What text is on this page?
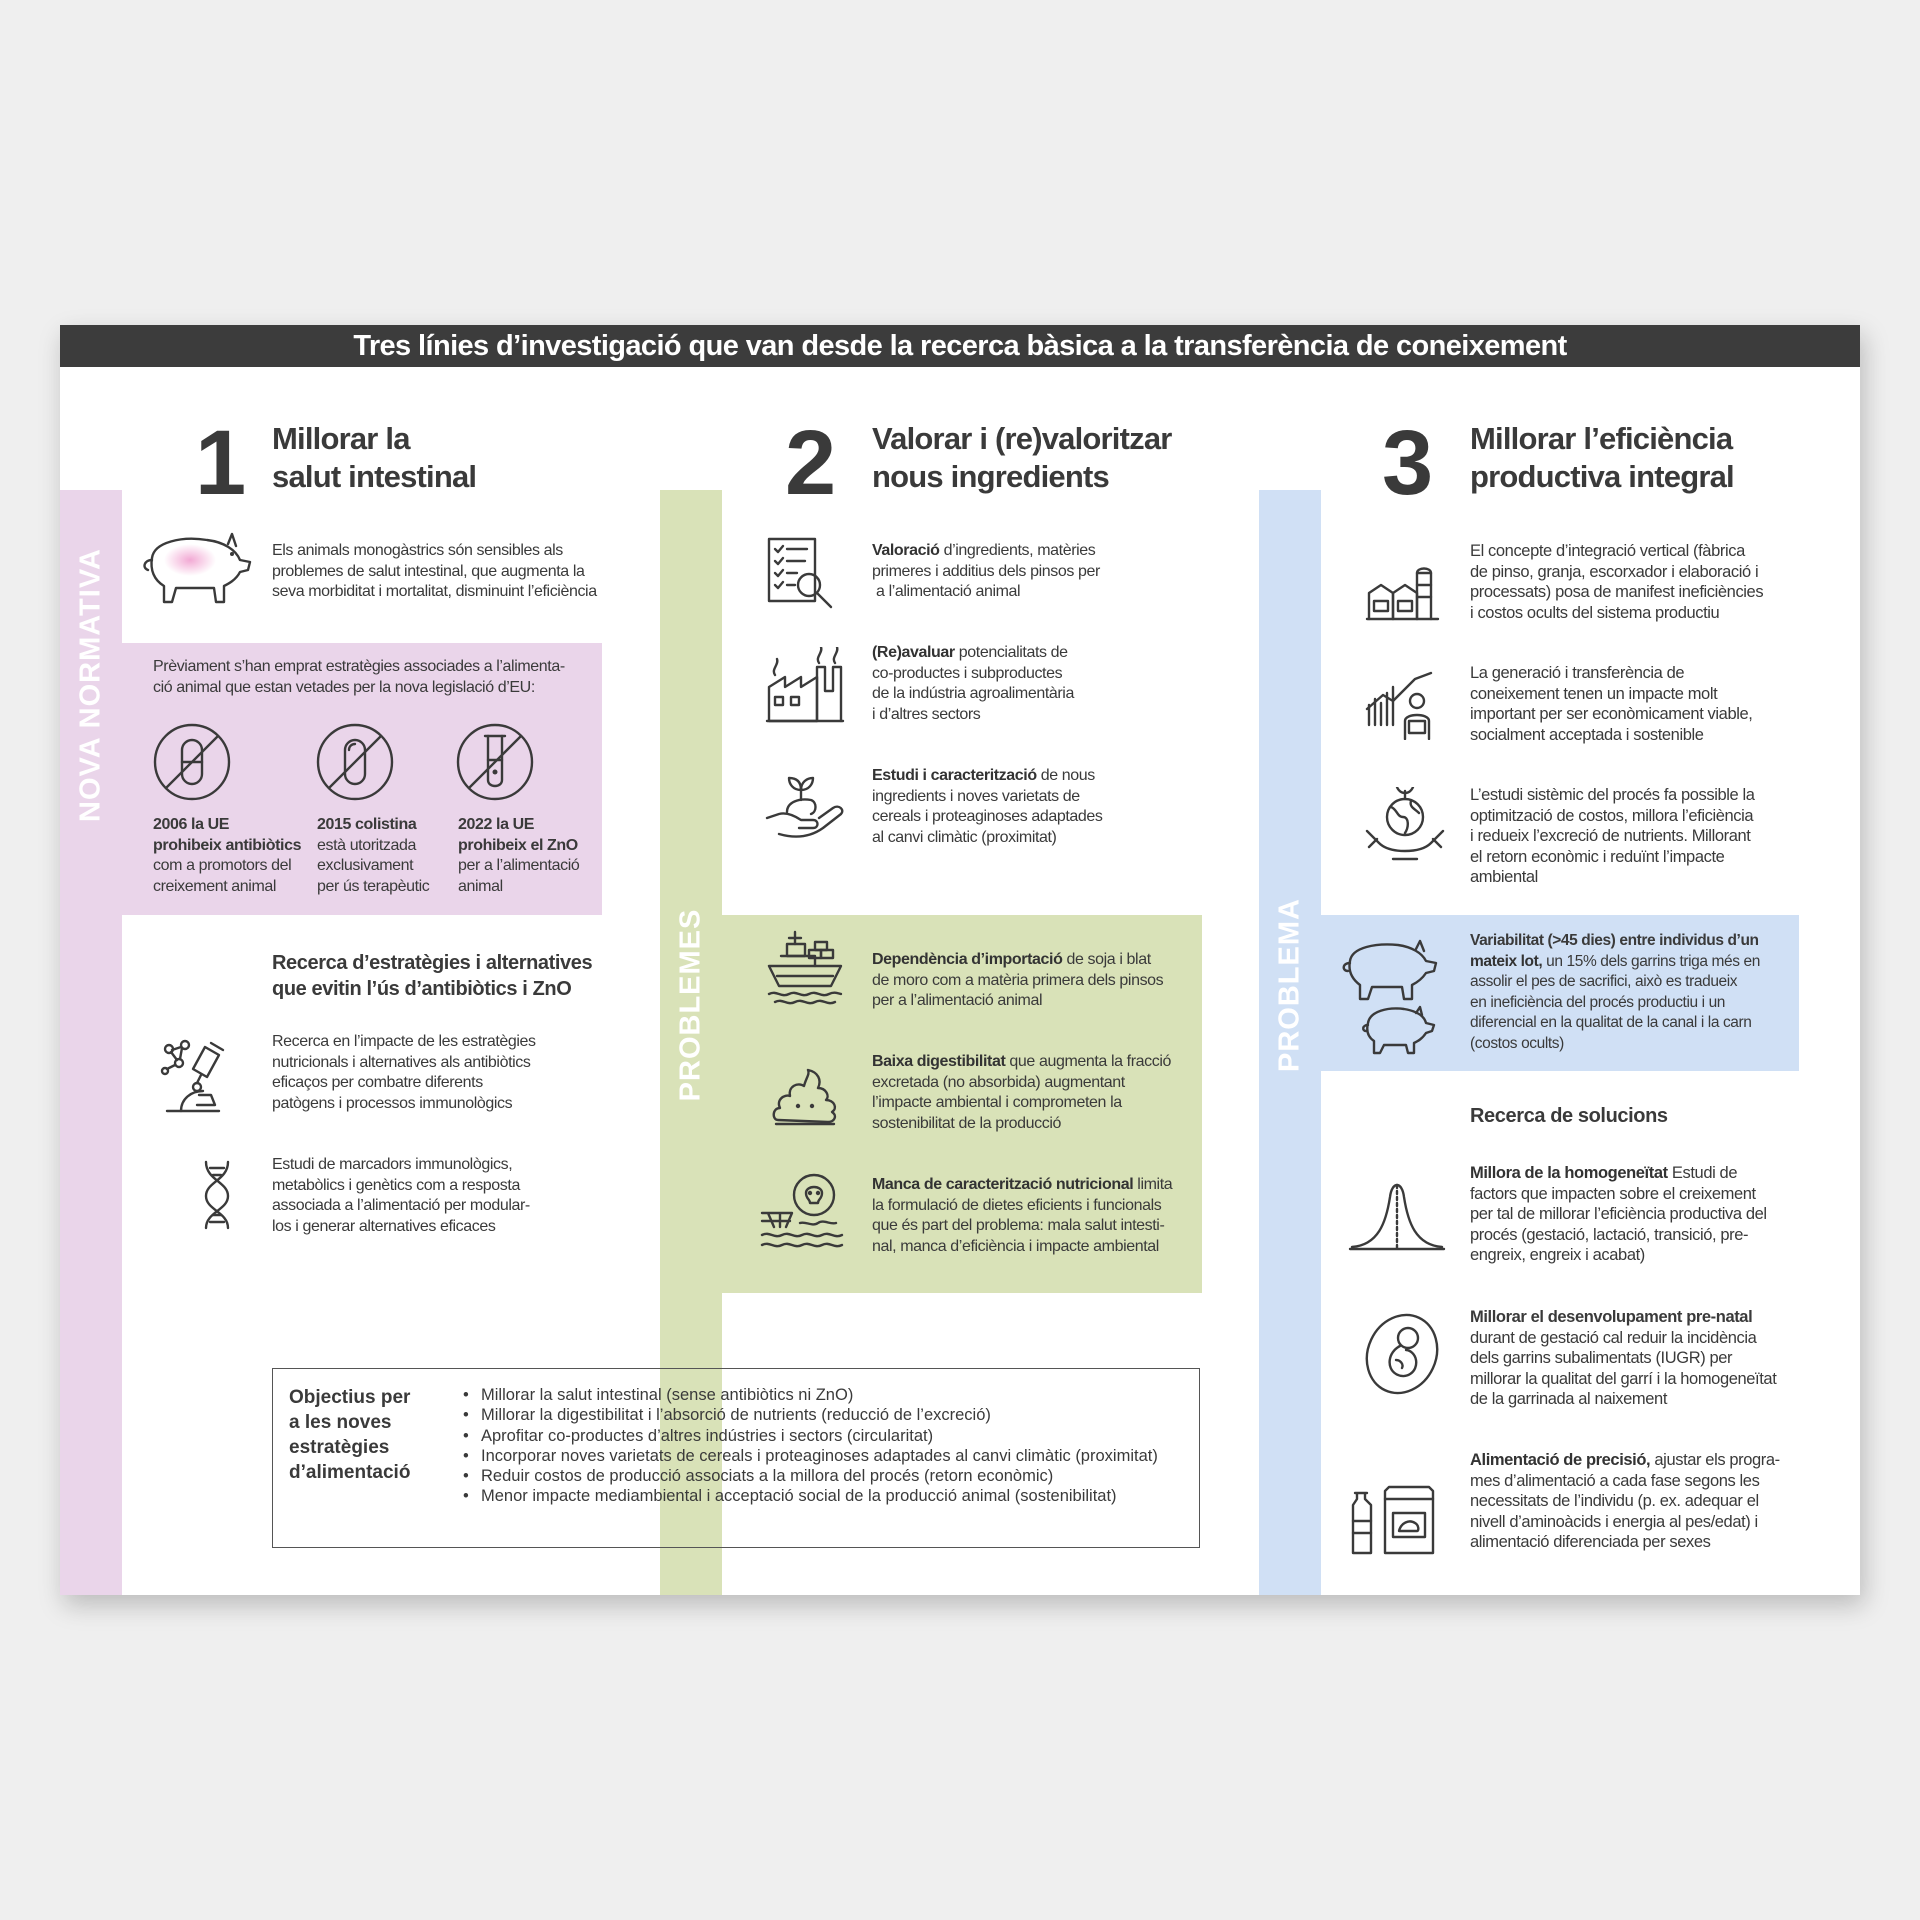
Tres línies d’investigació que van desde la recerca bàsica a la transferència de coneixement
NOVA NORMATIVA
PROBLEMES	PROBLEMA
1 Millorar la
salut intestinal
Els animals monogàstrics són sensibles als
problemes de salut intestinal, que augmenta la
seva morbiditat i mortalitat, disminuint l’eficiència
Prèviament s’han emprat estratègies associades a l’alimenta-
ció animal que estan vetades per la nova legislació d’EU:
2006 la UE
prohibeix antibiòtics
com a promotors del
creixement animal
2015 colistina
està utoritzada
exclusivament
per ús terapèutic
2022 la UE
prohibeix el ZnO
per a l’alimentació
animal
Recerca d’estratègies i alternatives
que evitin l’ús d’antibiòtics i ZnO
Recerca en l’impacte de les estratègies
nutricionals i alternatives als antibiòtics
eficaços per combatre diferents
patògens i processos immunològics
Estudi de marcadors immunològics,
metabòlics i genètics com a resposta
associada a l’alimentació per modular-
los i generar alternatives eficaces
2 Valorar i (re)valoritzar
nous ingredients
Valoració d’ingredients, matèries
primeres i additius dels pinsos per
a l’alimentació animal
(Re)avaluar potencialitats de
co-productes i subproductes
de la indústria agroalimentària
i d’altres sectors
Estudi i caracterització de nous
ingredients i noves varietats de
cereals i proteaginoses adaptades
al canvi climàtic (proximitat)
Dependència d’importació de soja i blat
de moro com a matèria primera dels pinsos
per a l’alimentació animal
Baixa digestibilitat que augmenta la fracció
excretada (no absorbida) augmentant
l’impacte ambiental i comprometen la
sostenibilitat de la producció
Manca de caracterització nutricional limita
la formulació de dietes eficients i funcionals
que és part del problema: mala salut intesti-
nal, manca d’eficiència i impacte ambiental
3 Millorar l’eficiència
productiva integral
El concepte d’integració vertical (fàbrica
de pinso, granja, escorxador i elaboració i
processats) posa de manifest ineficiències
i costos ocults del sistema productiu
La generació i transferència de
coneixement tenen un impacte molt
important per ser econòmicament viable,
socialment acceptada i sostenible
L’estudi sistèmic del procés fa possible la
optimització de costos, millora l’eficiència
i redueix l’excreció de nutrients. Millorant
el retorn econòmic i reduïnt l’impacte
ambiental
Variabilitat (>45 dies) entre individus d’un
mateix lot, un 15% dels garrins triga més en
assolir el pes de sacrifici, això es tradueix
en ineficiència del procés productiu i un
diferencial en la qualitat de la canal i la carn
(costos ocults)
Recerca de solucions
Millora de la homogeneïtat Estudi de
factors que impacten sobre el creixement
per tal de millorar l’eficiència productiva del
procés (gestació, lactació, transició, pre-
engreix, engreix i acabat)
Millorar el desenvolupament pre-natal
durant de gestació cal reduir la incidència
dels garrins subalimentats (IUGR) per
millorar la qualitat del garrí i la homogeneïtat
de la garrinada al naixement
Alimentació de precisió, ajustar els progra-
mes d’alimentació a cada fase segons les
necessitats de l’individu (p. ex. adequar el
nivell d’aminoàcids i energia al pes/edat) i
alimentació diferenciada per sexes
Objectius per
a les noves
estratègies
d’alimentació
• Millorar la salut intestinal (sense antibiòtics ni ZnO)
• Millorar la digestibilitat i l’absorció de nutrients (reducció de l’excreció)
• Aprofitar co-productes d’altres indústries i sectors (circularitat)
• Incorporar noves varietats de cereals i proteaginoses adaptades al canvi climàtic (proximitat)
• Reduir costos de producció associats a la millora del procés (retorn econòmic)
• Menor impacte mediambiental i acceptació social de la producció animal (sostenibilitat)
